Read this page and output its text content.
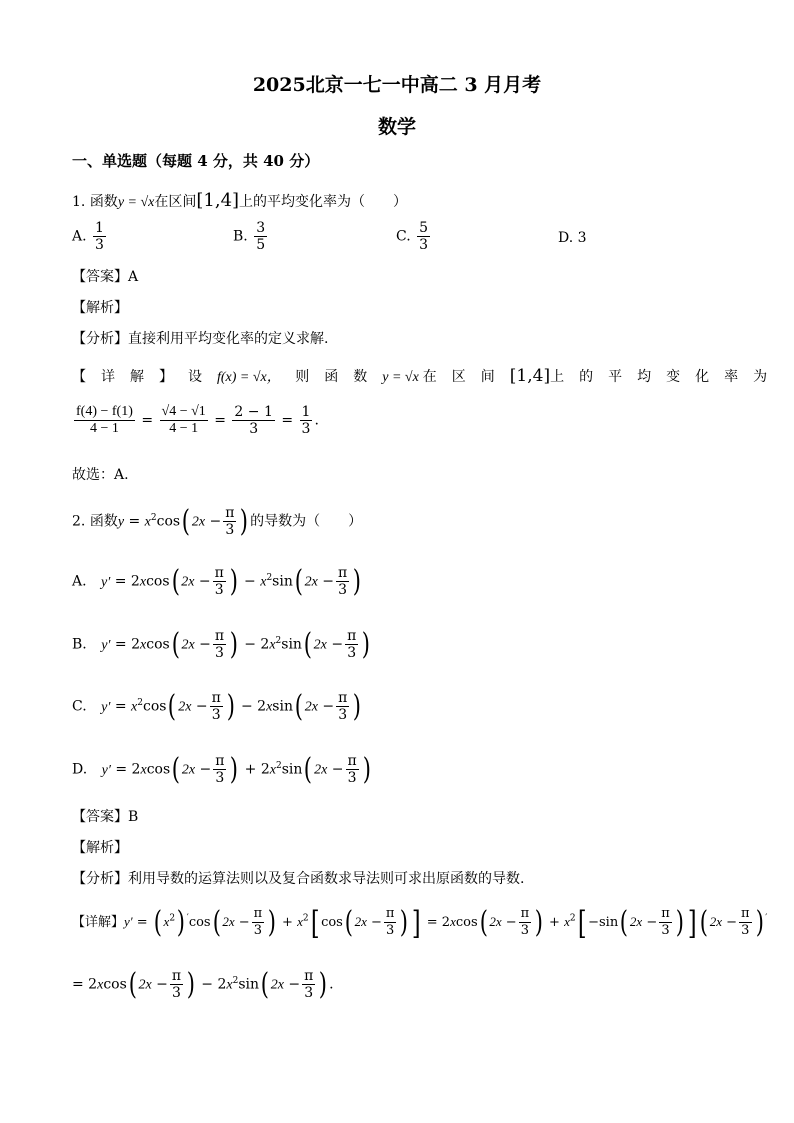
2025北京一七一中高二 3 月月考
数学
一、单选题（每题 4 分，共 40 分）
1. 函数y = √x在区间[1,4]上的平均变化率为（　　）
A. $\frac{1}{3}$	B. $\frac{3}{5}$	C. $\frac{5}{3}$	D. 3
【答案】A
【解析】
【分析】直接利用平均变化率的定义求解.
【详解】设f(x) = √x， 则函数y = √x 在区间[1,4]上的平均变化率为
$\frac{f(4) - f(1)}{4 - 1} = \frac{√4 - √1}{4 - 1} = \frac{2 - 1}{3} = \frac{1}{3}$ .
故选：A.
2. 函数$y = x^2\cos$( $2x - \frac{\pi}{3}$ ) 的导数为（　　）
A. y′ = 2xcos( $2x - \frac{\pi}{3}$ ) − $x^2\sin$( $2x - \frac{\pi}{3}$ )
B. y′ = 2xcos( $2x - \frac{\pi}{3}$ ) − $2x^2\sin$( $2x - \frac{\pi}{3}$ )
C. $y' = x^2\cos$( $2x - \frac{\pi}{3}$ ) − 2xsin( $2x - \frac{\pi}{3}$ )
D. y′ = 2xcos( $2x - \frac{\pi}{3}$ ) + $2x^2\sin$( $2x - \frac{\pi}{3}$ )
【答案】B
【解析】
【分析】利用导数的运算法则以及复合函数求导法则可求出原函数的导数.
【详解】y′ = ( $x^2$) ′cos( $2x - \frac{\pi}{3}$ ) + $x^2$[ cos( $2x - \frac{\pi}{3}$ ) ] = 2xcos( $2x - \frac{\pi}{3}$ ) + $x^2[ -\sin$( $2x - \frac{\pi}{3}$ ) ] ( $2x - \frac{\pi}{3}$ ) ′
= 2xcos( $2x - \frac{\pi}{3}$ ) − $2x^2\sin$( $2x - \frac{\pi}{3}$ ) .
